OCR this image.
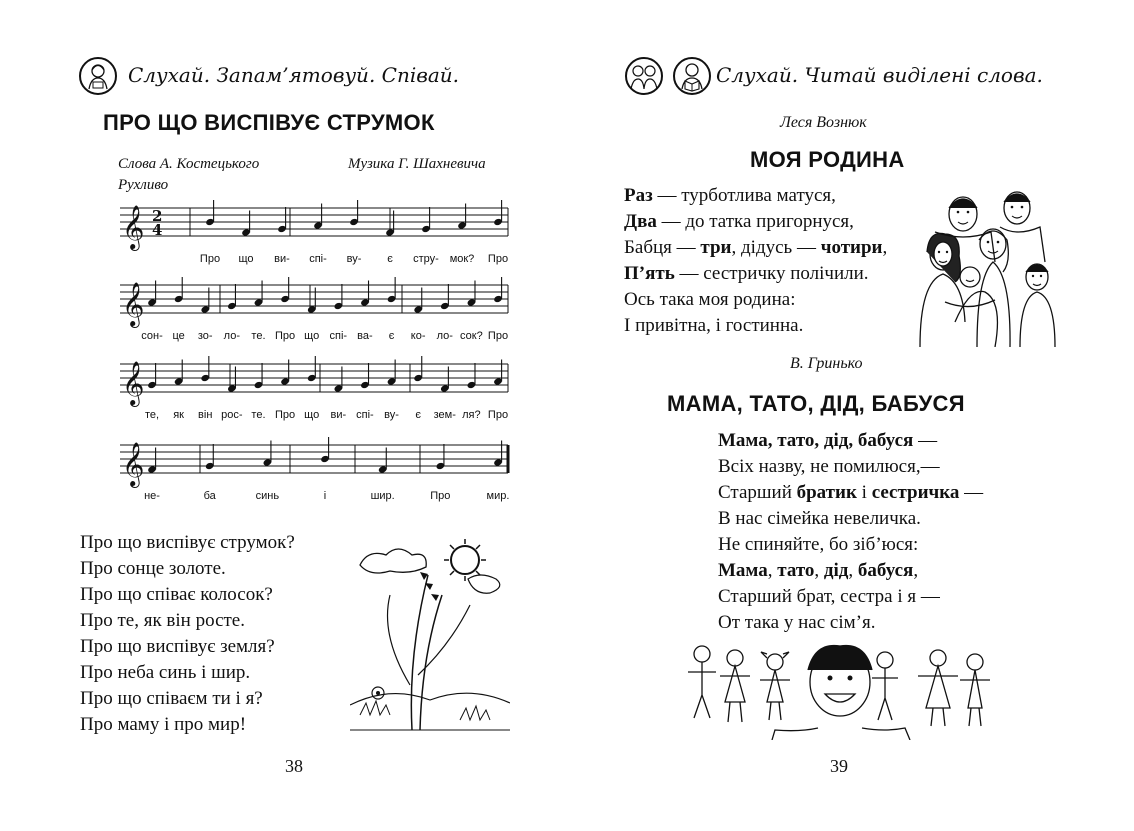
Слухай. Запам’ятовуй. Співай.
ПРО ЩО ВИСПІВУЄ СТРУМОК
Слова А. Костецького	Музика Г. Шахневича
Рухливо
𝄞
Про що ви- спі- ву- є стру- мок? Про
2
4
𝄞
сон- це зо- ло- те. Про що спі- ва- є ко- ло- сок? Про
𝄞
те, як він рос- те. Про що ви- спі- ву- є зем- ля? Про
𝄞
не-	ба	синь	і	шир.	Про	мир.
Про що виспівує струмок?
Про сонце золоте.
Про що співає колосок?
Про те, як він росте.
Про що виспівує земля?
Про неба синь і шир.
Про що співаєм ти і я?
Про маму і про мир!
38
Слухай. Читай виділені слова.
Леся Вознюк
МОЯ РОДИНА
Раз — турботлива матуся,
Два — до татка пригорнуся,
Бабця — три, дідусь — чотири,
П’ять — сестричку полічили.
Ось така моя родина:
І привітна, і гостинна.
В. Гринько
МАМА, ТАТО, ДІД, БАБУСЯ
Мама, тато, дід, бабуся —
Всіх назву, не помилюся,—
Старший братик і сестричка —
В нас сімейка невеличка.
Не спиняйте, бо зіб’юся:
Мама, тато, дід, бабуся,
Старший брат, сестра і я —
От така у нас сім’я.
39
